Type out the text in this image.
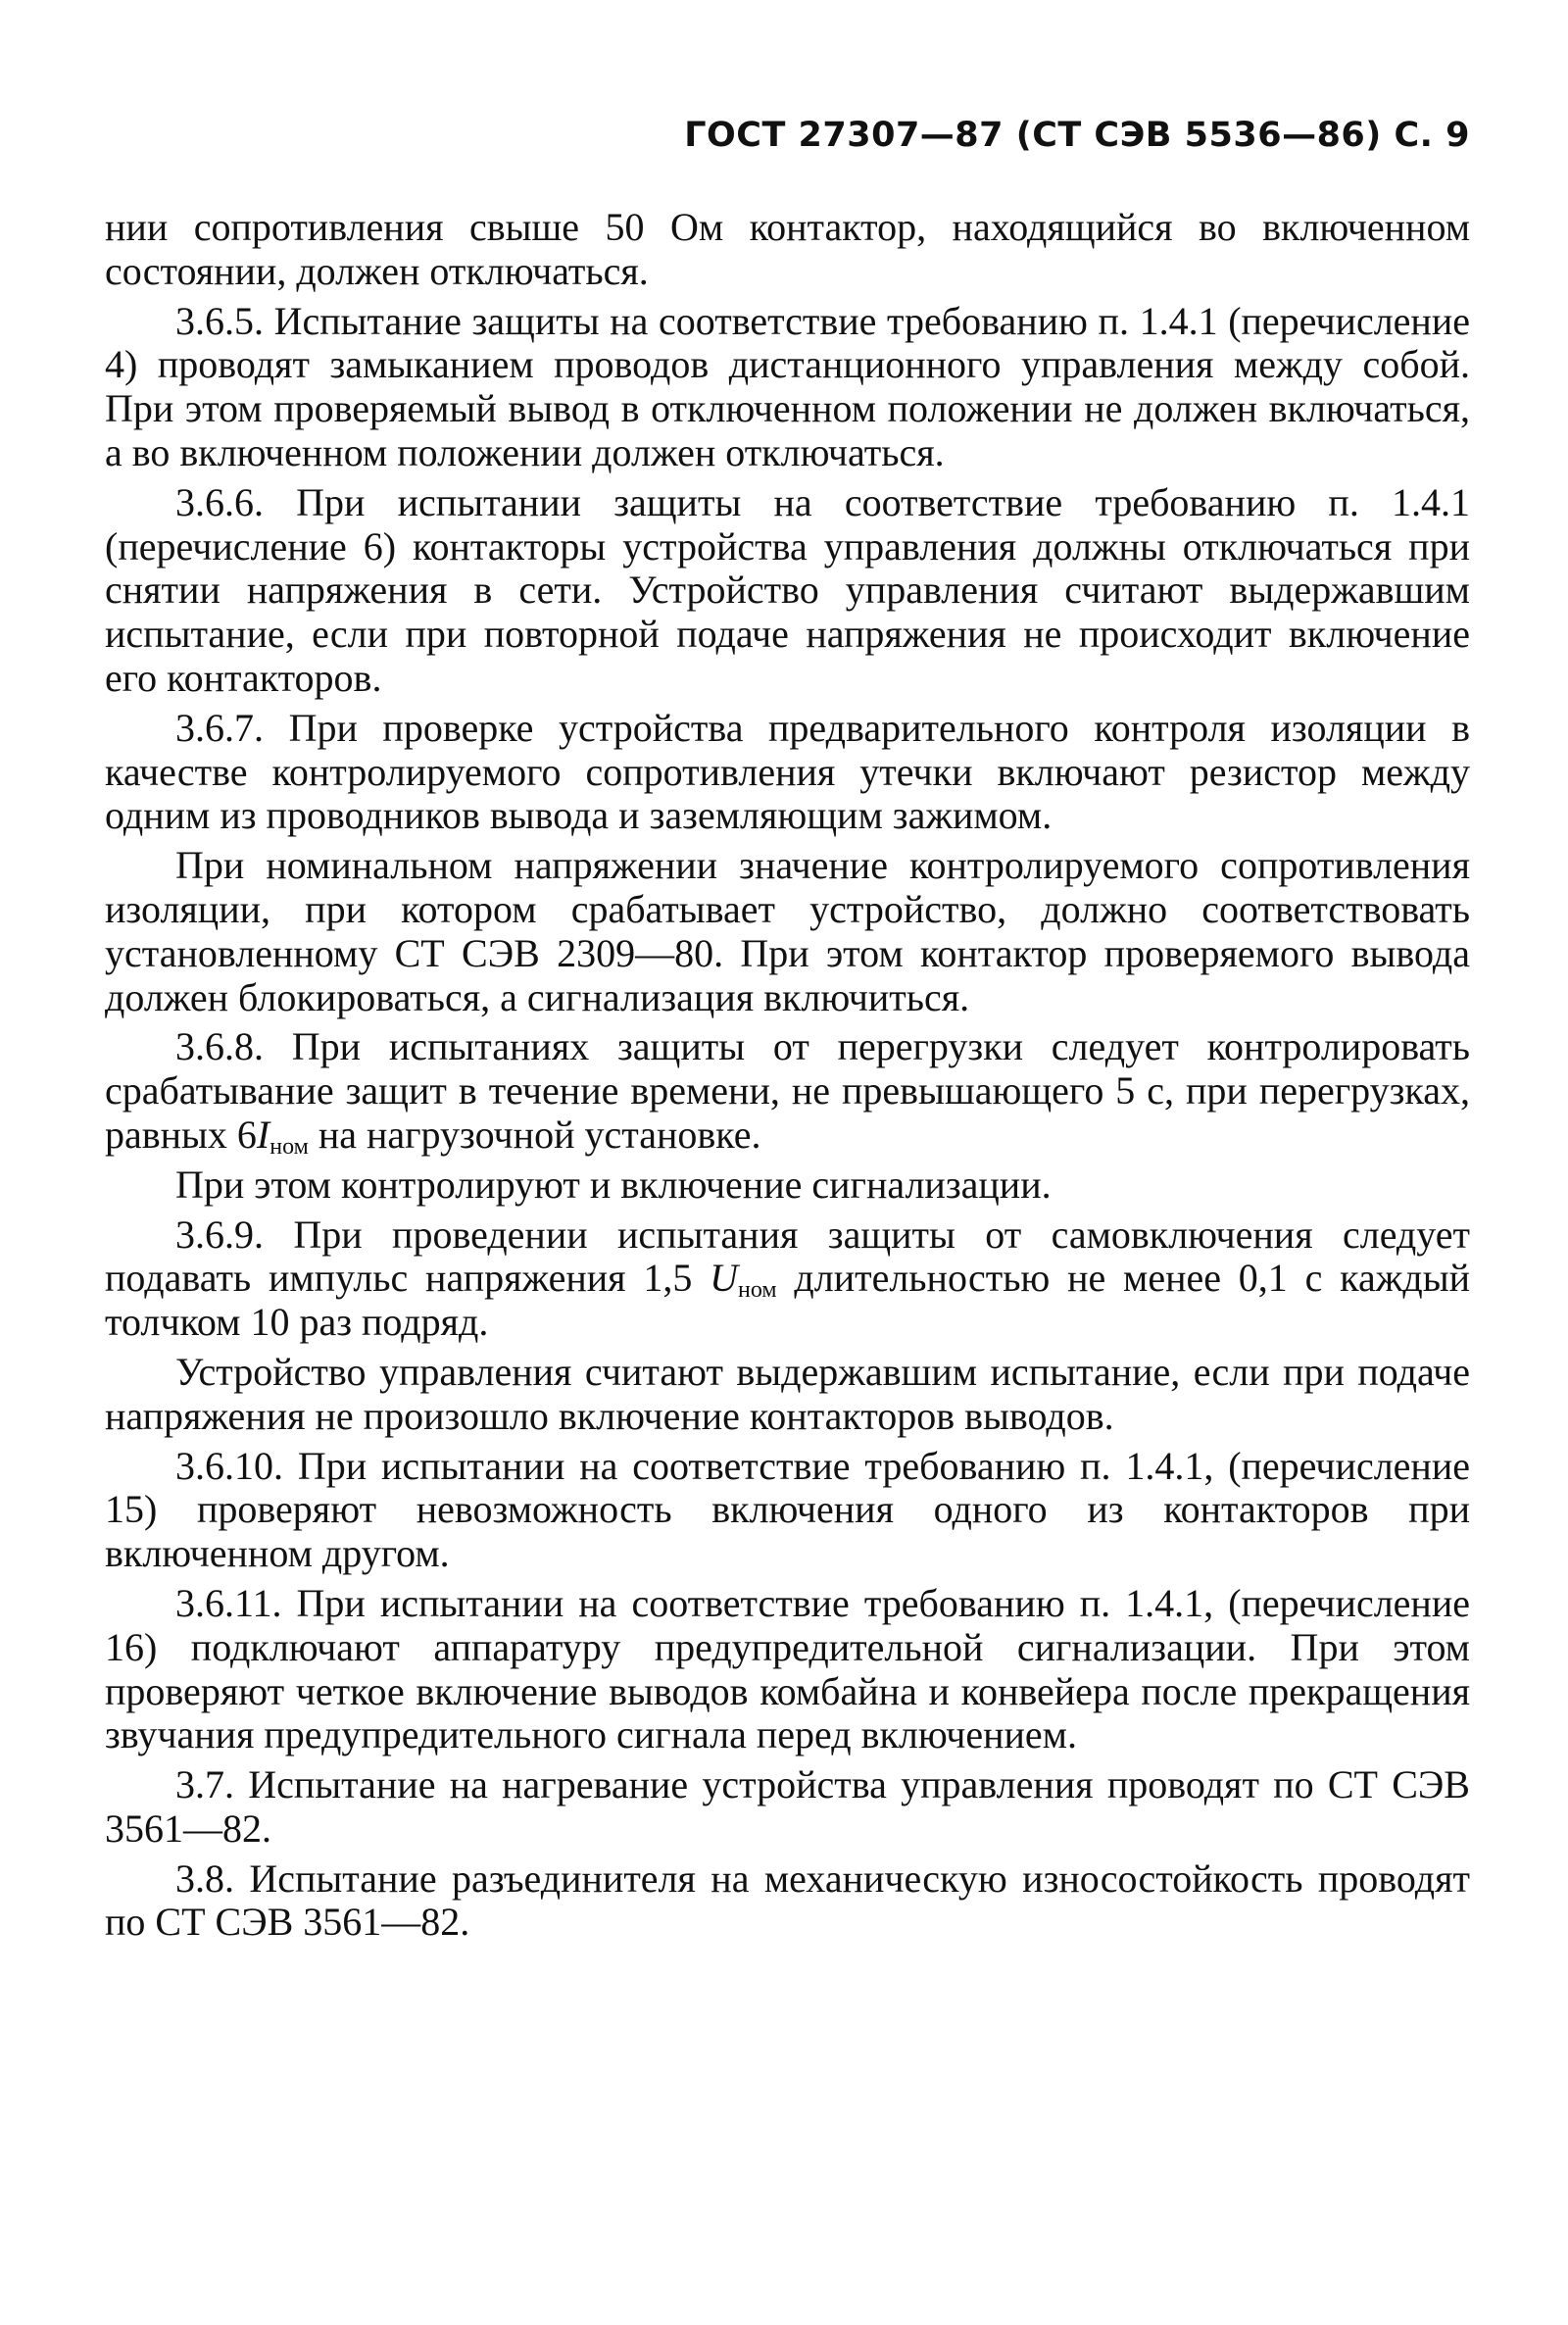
ГОСТ 27307—87 (СТ СЭВ 5536—86) С. 9

нии сопротивления свыше 50 Ом контактор, находящийся во включенном состоянии, должен отключаться.

3.6.5. Испытание защиты на соответствие требованию п. 1.4.1 (перечисление 4) проводят замыканием проводов дистанционного управления между собой. При этом проверяемый вывод в отключенном положении не должен включаться, а во включенном положении должен отключаться.

3.6.6. При испытании защиты на соответствие требованию п. 1.4.1 (перечисление 6) контакторы устройства управления должны отключаться при снятии напряжения в сети. Устройство управления считают выдержавшим испытание, если при повторной подаче напряжения не происходит включение его контакторов.

3.6.7. При проверке устройства предварительного контроля изоляции в качестве контролируемого сопротивления утечки включают резистор между одним из проводников вывода и заземляющим зажимом.

При номинальном напряжении значение контролируемого сопротивления изоляции, при котором срабатывает устройство, должно соответствовать установленному СТ СЭВ 2309—80. При этом контактор проверяемого вывода должен блокироваться, а сигнализация включиться.

3.6.8. При испытаниях защиты от перегрузки следует контролировать срабатывание защит в течение времени, не превышающего 5 с, при перегрузках, равных $6I_{ном}$ на нагрузочной установке.

При этом контролируют и включение сигнализации.

3.6.9. При проведении испытания защиты от самовключения следует подавать импульс напряжения 1,5 $U_{ном}$ длительностью не менее 0,1 с каждый толчком 10 раз подряд.

Устройство управления считают выдержавшим испытание, если при подаче напряжения не произошло включение контакторов выводов.

3.6.10. При испытании на соответствие требованию п. 1.4.1, (перечисление 15) проверяют невозможность включения одного из контакторов при включенном другом.

3.6.11. При испытании на соответствие требованию п. 1.4.1, (перечисление 16) подключают аппаратуру предупредительной сигнализации. При этом проверяют четкое включение выводов комбайна и конвейера после прекращения звучания предупредительного сигнала перед включением.

3.7. Испытание на нагревание устройства управления проводят по СТ СЭВ 3561—82.

3.8. Испытание разъединителя на механическую износостойкость проводят по СТ СЭВ 3561—82.
